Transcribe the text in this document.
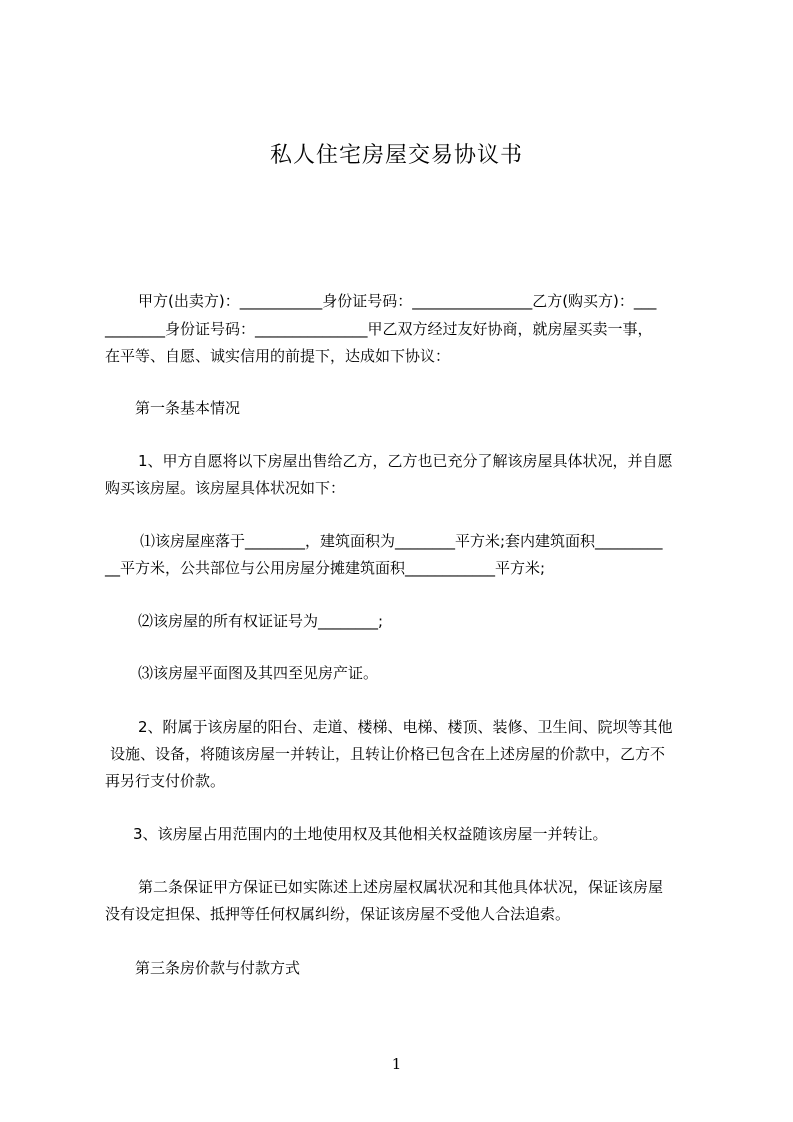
私人住宅房屋交易协议书
甲方(出卖方)：___________身份证号码：________________乙方(购买方)：___
________身份证号码：_______________甲乙双方经过友好协商，就房屋买卖一事，
在平等、自愿、诚实信用的前提下，达成如下协议：
第一条基本情况
1、甲方自愿将以下房屋出售给乙方，乙方也已充分了解该房屋具体状况，并自愿
购买该房屋。该房屋具体状况如下：
⑴该房屋座落于________，建筑面积为________平方米;套内建筑面积_________
__平方米，公共部位与公用房屋分摊建筑面积____________平方米;
⑵该房屋的所有权证证号为________;
⑶该房屋平面图及其四至见房产证。
2、附属于该房屋的阳台、走道、楼梯、电梯、楼顶、装修、卫生间、院坝等其他
设施、设备，将随该房屋一并转让，且转让价格已包含在上述房屋的价款中，乙方不
再另行支付价款。
3、该房屋占用范围内的土地使用权及其他相关权益随该房屋一并转让。
第二条保证甲方保证已如实陈述上述房屋权属状况和其他具体状况，保证该房屋
没有设定担保、抵押等任何权属纠纷，保证该房屋不受他人合法追索。
第三条房价款与付款方式
1
